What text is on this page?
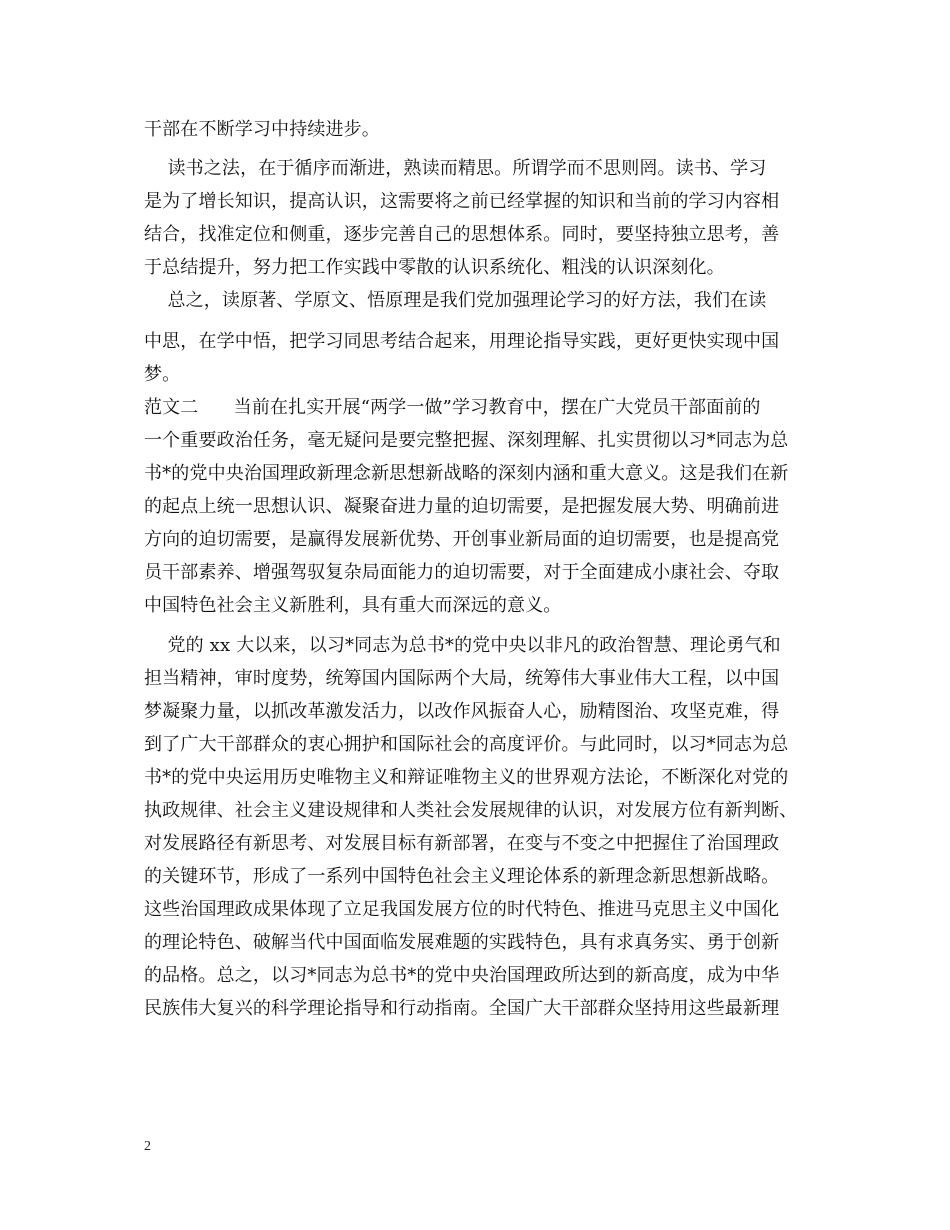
干部在不断学习中持续进步。
读书之法，在于循序而渐进，熟读而精思。所谓学而不思则罔。读书、学习
是为了增长知识，提高认识，这需要将之前已经掌握的知识和当前的学习内容相
结合，找准定位和侧重，逐步完善自己的思想体系。同时，要坚持独立思考，善
于总结提升，努力把工作实践中零散的认识系统化、粗浅的认识深刻化。
总之，读原著、学原文、悟原理是我们党加强理论学习的好方法，我们在读
中思，在学中悟，把学习同思考结合起来，用理论指导实践，更好更快实现中国
梦。
范文二      当前在扎实开展“两学一做”学习教育中，摆在广大党员干部面前的
一个重要政治任务，毫无疑问是要完整把握、深刻理解、扎实贯彻以习*同志为总
书*的党中央治国理政新理念新思想新战略的深刻内涵和重大意义。这是我们在新
的起点上统一思想认识、凝聚奋进力量的迫切需要，是把握发展大势、明确前进
方向的迫切需要，是赢得发展新优势、开创事业新局面的迫切需要，也是提高党
员干部素养、增强驾驭复杂局面能力的迫切需要，对于全面建成小康社会、夺取
中国特色社会主义新胜利，具有重大而深远的意义。
党的 xx 大以来，以习*同志为总书*的党中央以非凡的政治智慧、理论勇气和
担当精神，审时度势，统筹国内国际两个大局，统筹伟大事业伟大工程，以中国
梦凝聚力量，以抓改革激发活力，以改作风振奋人心，励精图治、攻坚克难，得
到了广大干部群众的衷心拥护和国际社会的高度评价。与此同时，以习*同志为总
书*的党中央运用历史唯物主义和辩证唯物主义的世界观方法论，不断深化对党的
执政规律、社会主义建设规律和人类社会发展规律的认识，对发展方位有新判断、
对发展路径有新思考、对发展目标有新部署，在变与不变之中把握住了治国理政
的关键环节，形成了一系列中国特色社会主义理论体系的新理念新思想新战略。
这些治国理政成果体现了立足我国发展方位的时代特色、推进马克思主义中国化
的理论特色、破解当代中国面临发展难题的实践特色，具有求真务实、勇于创新
的品格。总之，以习*同志为总书*的党中央治国理政所达到的新高度，成为中华
民族伟大复兴的科学理论指导和行动指南。全国广大干部群众坚持用这些最新理
2
